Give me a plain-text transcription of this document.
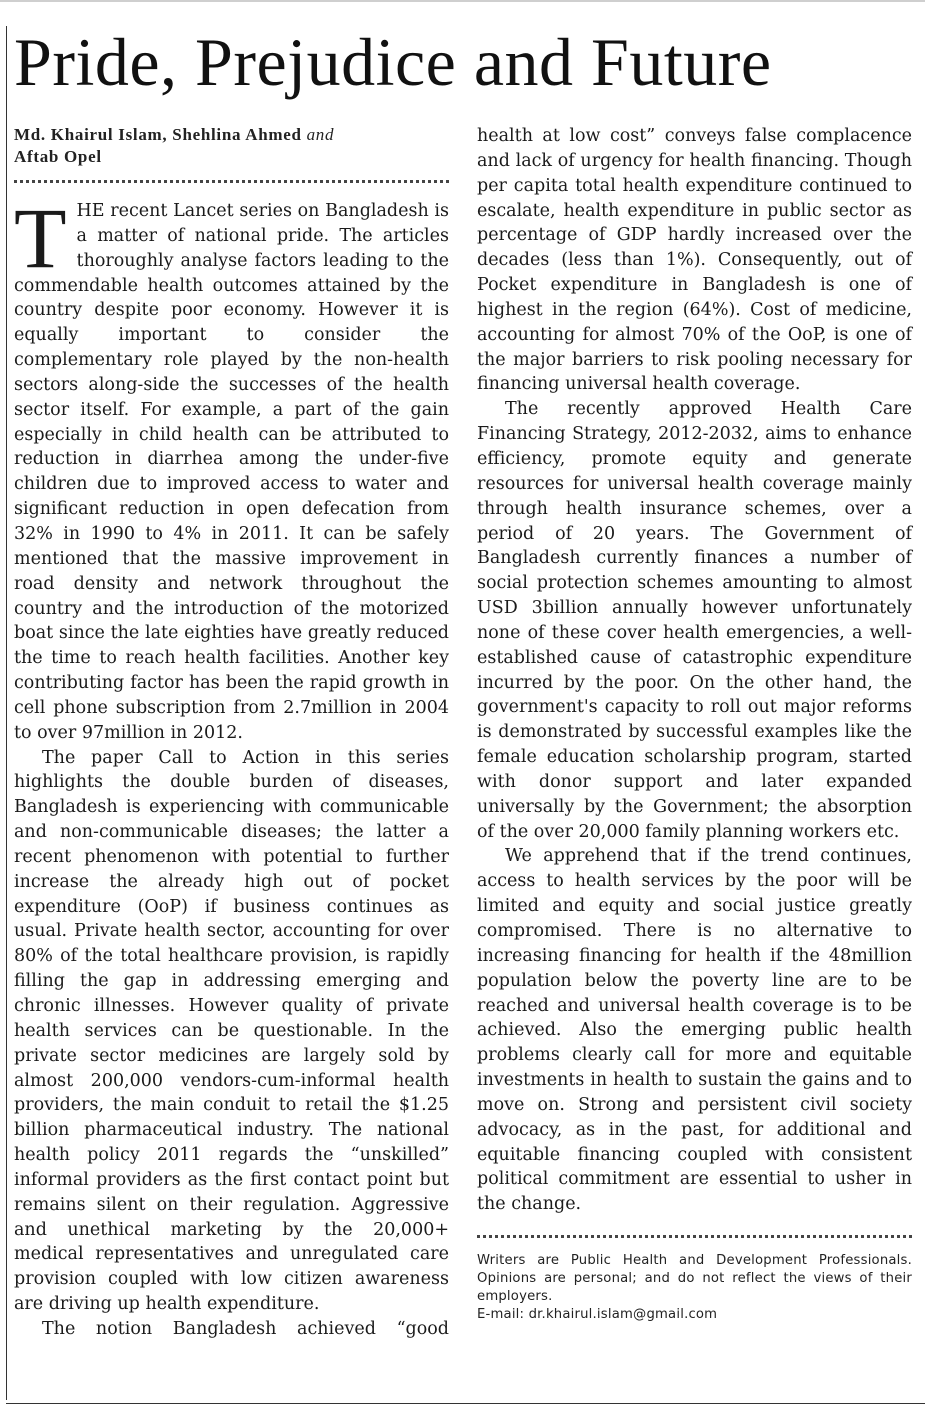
Pride, Prejudice and Future
Md. Khairul Islam, Shehlina Ahmed and
Aftab Opel

THE recent Lancet series on Bangladesh is a matter of national pride. The articles thoroughly analyse factors leading to the commendable health outcomes attained by the country despite poor economy. However it is equally important to consider the complementary role played by the non-health sectors along-side the successes of the health sector itself. For example, a part of the gain especially in child health can be attributed to reduction in diarrhea among the under-five children due to improved access to water and significant reduction in open defecation from 32% in 1990 to 4% in 2011. It can be safely mentioned that the massive improvement in road density and network throughout the country and the introduction of the motorized boat since the late eighties have greatly reduced the time to reach health facilities. Another key contributing factor has been the rapid growth in cell phone subscription from 2.7million in 2004 to over 97million in 2012.

The paper Call to Action in this series highlights the double burden of diseases, Bangladesh is experiencing with communicable and non-communicable diseases; the latter a recent phenomenon with potential to further increase the already high out of pocket expenditure (OoP) if business continues as usual. Private health sector, accounting for over 80% of the total healthcare provision, is rapidly filling the gap in addressing emerging and chronic illnesses. However quality of private health services can be questionable. In the private sector medicines are largely sold by almost 200,000 vendors-cum-informal health providers, the main conduit to retail the $1.25 billion pharmaceutical industry. The national health policy 2011 regards the “unskilled” informal providers as the first contact point but remains silent on their regulation. Aggressive and unethical marketing by the 20,000+ medical representatives and unregulated care provision coupled with low citizen awareness are driving up health expenditure.

The notion Bangladesh achieved “good

health at low cost” conveys false complacence and lack of urgency for health financing. Though per capita total health expenditure continued to escalate, health expenditure in public sector as percentage of GDP hardly increased over the decades (less than 1%). Consequently, out of Pocket expenditure in Bangladesh is one of highest in the region (64%). Cost of medicine, accounting for almost 70% of the OoP, is one of the major barriers to risk pooling necessary for financing universal health coverage.

The recently approved Health Care Financing Strategy, 2012-2032, aims to enhance efficiency, promote equity and generate resources for universal health coverage mainly through health insurance schemes, over a period of 20 years. The Government of Bangladesh currently finances a number of social protection schemes amounting to almost USD 3billion annually however unfortunately none of these cover health emergencies, a well-established cause of catastrophic expenditure incurred by the poor. On the other hand, the government's capacity to roll out major reforms is demonstrated by successful examples like the female education scholarship program, started with donor support and later expanded universally by the Government; the absorption of the over 20,000 family planning workers etc.

We apprehend that if the trend continues, access to health services by the poor will be limited and equity and social justice greatly compromised. There is no alternative to increasing financing for health if the 48million population below the poverty line are to be reached and universal health coverage is to be achieved. Also the emerging public health problems clearly call for more and equitable investments in health to sustain the gains and to move on. Strong and persistent civil society advocacy, as in the past, for additional and equitable financing coupled with consistent political commitment are essential to usher in the change.

Writers are Public Health and Development Professionals. Opinions are personal; and do not reflect the views of their employers.

E-mail: dr.khairul.islam@gmail.com
